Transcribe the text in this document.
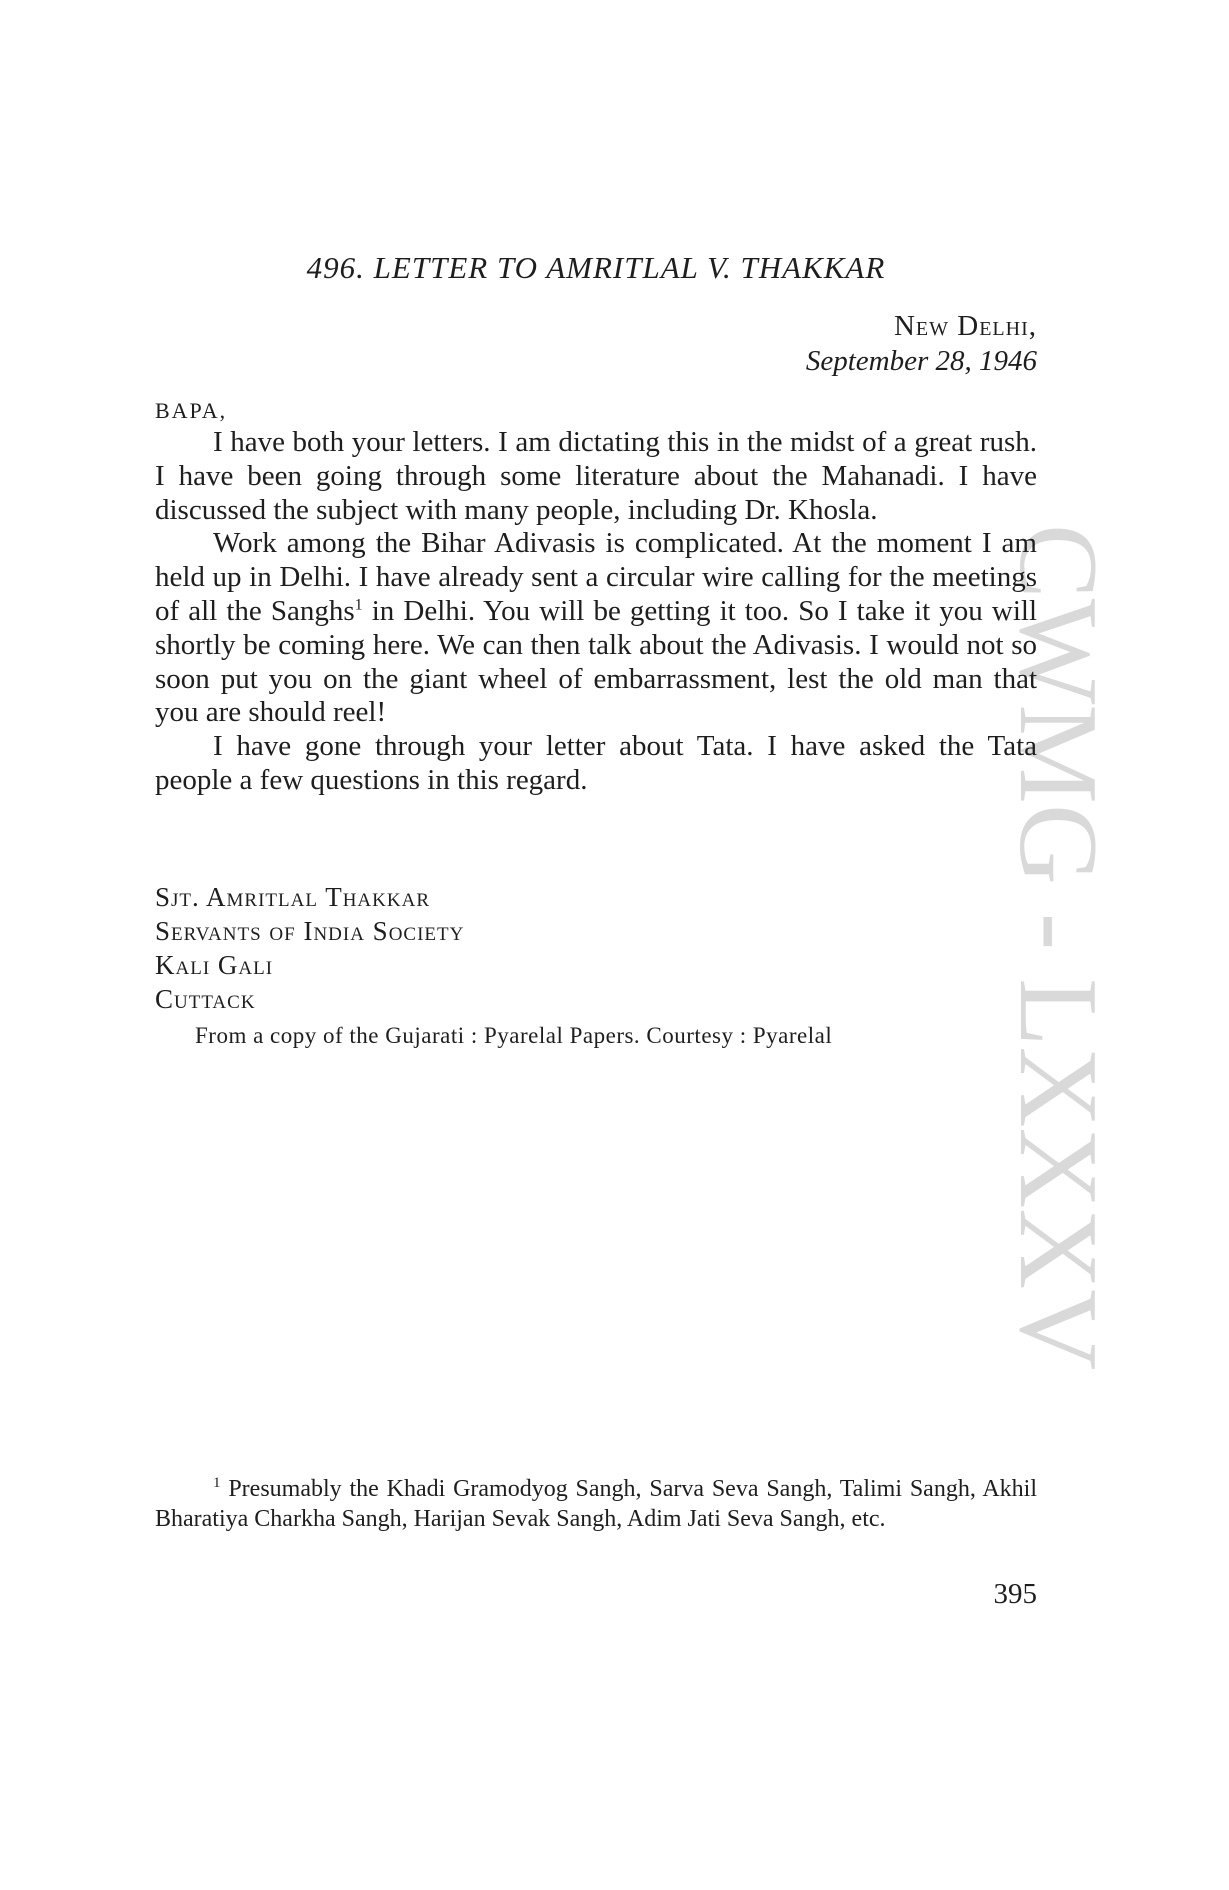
CWMG - LXXXV
496. LETTER TO AMRITLAL V. THAKKAR
New Delhi,
September 28, 1946
BAPA,

I have both your letters. I am dictating this in the midst of a great rush. I have been going through some literature about the Mahanadi. I have discussed the subject with many people, including Dr. Khosla.

Work among the Bihar Adivasis is complicated. At the moment I am held up in Delhi. I have already sent a circular wire calling for the meetings of all the Sanghs$^1$ in Delhi. You will be getting it too. So I take it you will shortly be coming here. We can then talk about the Adivasis. I would not so soon put you on the giant wheel of embarrassment, lest the old man that you are should reel!

I have gone through your letter about Tata. I have asked the Tata people a few questions in this regard.

Sjt. Amritlal Thakkar
Servants of India Society
Kali Gali
Cuttack
From a copy of the Gujarati : Pyarelal Papers. Courtesy : Pyarelal

$^1$ Presumably the Khadi Gramodyog Sangh, Sarva Seva Sangh, Talimi Sangh, Akhil Bharatiya Charkha Sangh, Harijan Sevak Sangh, Adim Jati Seva Sangh, etc.

395
